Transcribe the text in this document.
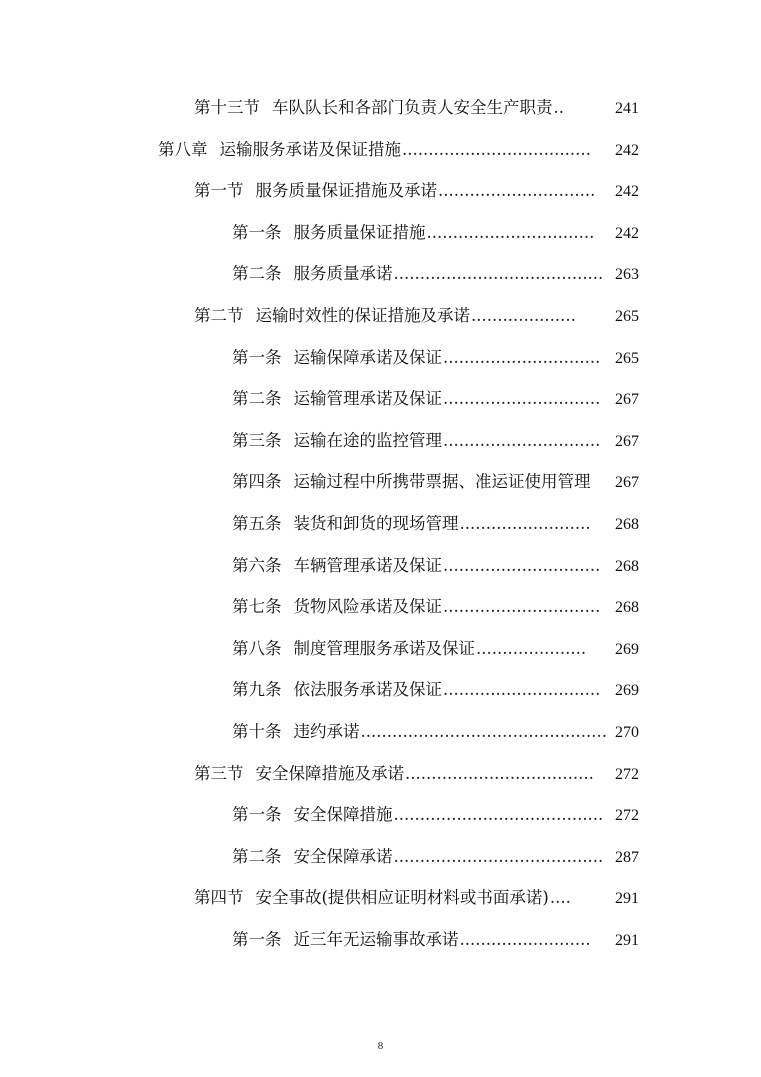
第十三节 车队队长和各部门负责人安全生产职责 ..	241
第八章 运输服务承诺及保证措施 ....................................	242
第一节 服务质量保证措施及承诺 ..............................	242
第一条 服务质量保证措施 ................................	242
第二条 服务质量承诺 ........................................ 263
第二节 运输时效性的保证措施及承诺 ....................	265
第一条 运输保障承诺及保证 .............................. 265
第二条 运输管理承诺及保证 .............................. 267
第三条 运输在途的监控管理 .............................. 267
第四条 运输过程中所携带票据、准运证使用管理 267
第五条 装货和卸货的现场管理 .........................	268
第六条 车辆管理承诺及保证 .............................. 268
第七条 货物风险承诺及保证 .............................. 268
第八条 制度管理服务承诺及保证 .....................	269
第九条 依法服务承诺及保证 .............................. 269
第十条 违约承诺 ............................................... 270
第三节 安全保障措施及承诺 ....................................	272
第一条 安全保障措施 ........................................ 272
第二条 安全保障承诺 ........................................ 287
第四节 安全事故(提供相应证明材料或书面承诺) ....	291
第一条 近三年无运输事故承诺 .........................	291
8
